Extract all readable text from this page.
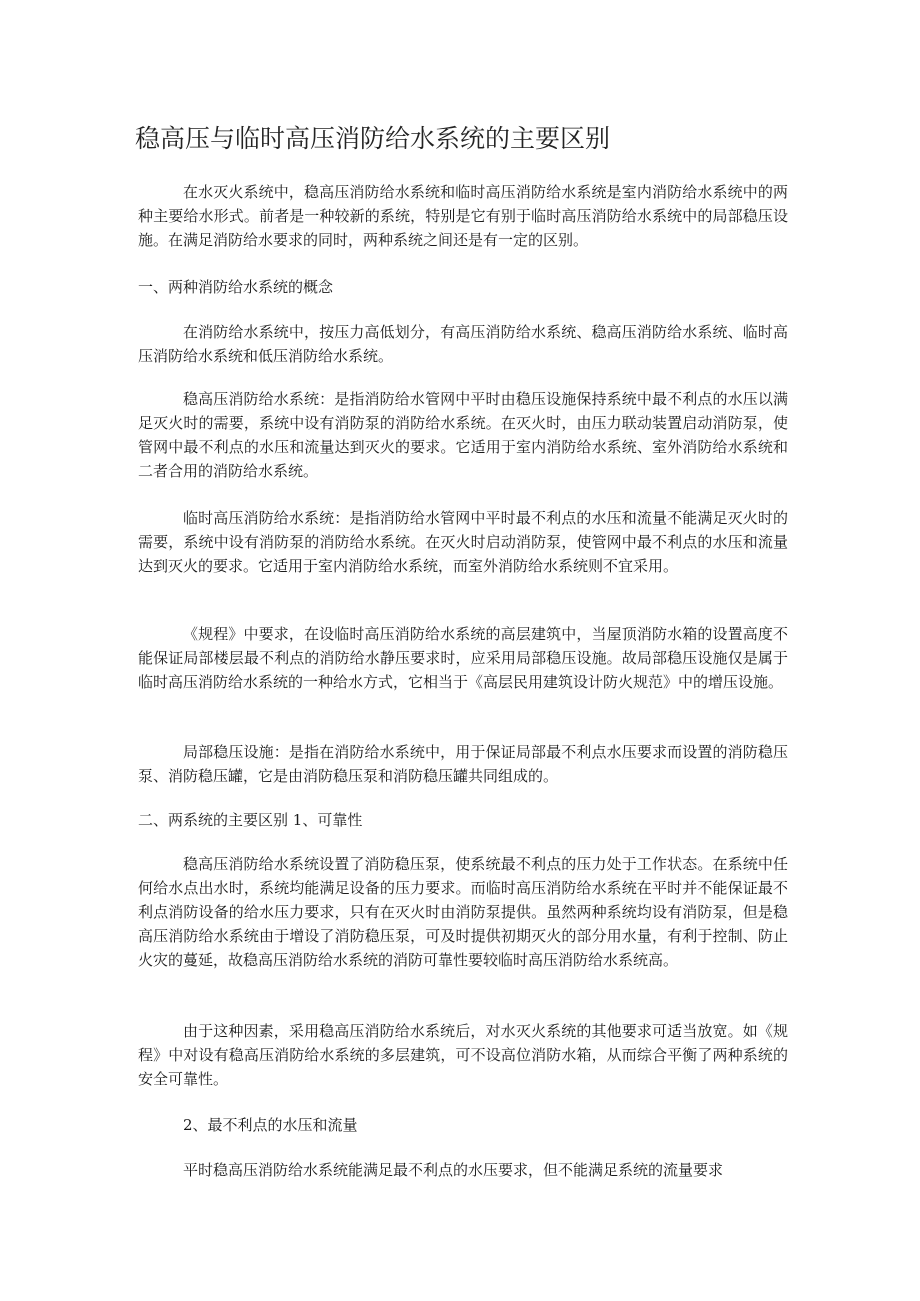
稳高压与临时高压消防给水系统的主要区别

在水灭火系统中，稳高压消防给水系统和临时高压消防给水系统是室内消防给水系统中的两种主要给水形式。前者是一种较新的系统，特别是它有别于临时高压消防给水系统中的局部稳压设施。在满足消防给水要求的同时，两种系统之间还是有一定的区别。

一、两种消防给水系统的概念

在消防给水系统中，按压力高低划分，有高压消防给水系统、稳高压消防给水系统、临时高压消防给水系统和低压消防给水系统。

稳高压消防给水系统：是指消防给水管网中平时由稳压设施保持系统中最不利点的水压以满足灭火时的需要，系统中设有消防泵的消防给水系统。在灭火时，由压力联动装置启动消防泵，使管网中最不利点的水压和流量达到灭火的要求。它适用于室内消防给水系统、室外消防给水系统和二者合用的消防给水系统。

临时高压消防给水系统：是指消防给水管网中平时最不利点的水压和流量不能满足灭火时的需要，系统中设有消防泵的消防给水系统。在灭火时启动消防泵，使管网中最不利点的水压和流量达到灭火的要求。它适用于室内消防给水系统，而室外消防给水系统则不宜采用。

《规程》中要求，在设临时高压消防给水系统的高层建筑中，当屋顶消防水箱的设置高度不能保证局部楼层最不利点的消防给水静压要求时，应采用局部稳压设施。故局部稳压设施仅是属于临时高压消防给水系统的一种给水方式，它相当于《高层民用建筑设计防火规范》中的增压设施。

局部稳压设施：是指在消防给水系统中，用于保证局部最不利点水压要求而设置的消防稳压泵、消防稳压罐，它是由消防稳压泵和消防稳压罐共同组成的。

二、两系统的主要区别 1、可靠性

稳高压消防给水系统设置了消防稳压泵，使系统最不利点的压力处于工作状态。在系统中任何给水点出水时，系统均能满足设备的压力要求。而临时高压消防给水系统在平时并不能保证最不利点消防设备的给水压力要求，只有在灭火时由消防泵提供。虽然两种系统均设有消防泵，但是稳高压消防给水系统由于增设了消防稳压泵，可及时提供初期灭火的部分用水量，有利于控制、防止火灾的蔓延，故稳高压消防给水系统的消防可靠性要较临时高压消防给水系统高。

由于这种因素，采用稳高压消防给水系统后，对水灭火系统的其他要求可适当放宽。如《规程》中对设有稳高压消防给水系统的多层建筑，可不设高位消防水箱，从而综合平衡了两种系统的安全可靠性。

2、最不利点的水压和流量

平时稳高压消防给水系统能满足最不利点的水压要求，但不能满足系统的流量要求
